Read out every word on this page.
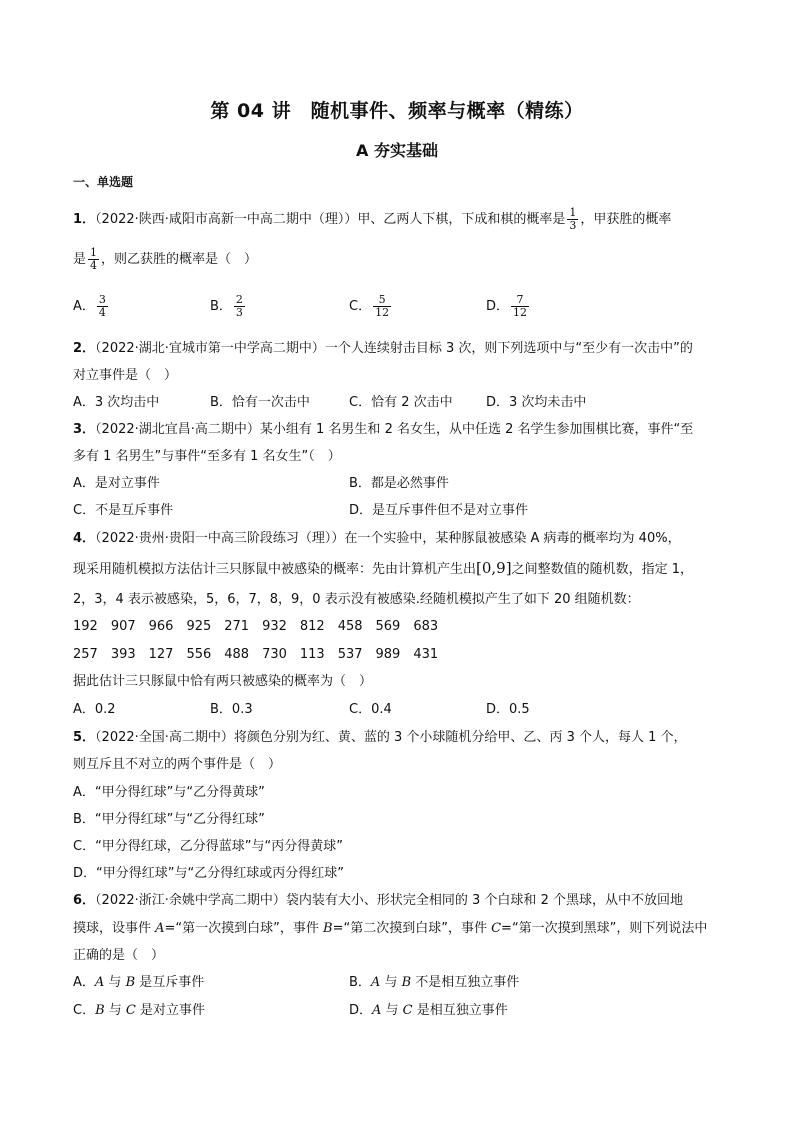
第 04 讲　随机事件、频率与概率（精练）
A 夯实基础
一、单选题
1．（2022·陕西·咸阳市高新一中高二期中（理））甲、乙两人下棋，下成和棋的概率是 $\frac{1}{3}$ ，甲获胜的概率
是 $\frac{1}{4}$ ，则乙获胜的概率是（　）
A． $\frac{3}{4}$	B． $\frac{2}{3}$	C． $\frac{5}{12}$	D． $\frac{7}{12}$
2．（2022·湖北·宜城市第一中学高二期中）一个人连续射击目标 3 次，则下列选项中与“至少有一次击中”的
对立事件是（　）
A．3 次均击中	B．恰有一次击中	C．恰有 2 次击中	D．3 次均未击中
3．（2022·湖北宜昌·高二期中）某小组有 1 名男生和 2 名女生，从中任选 2 名学生参加围棋比赛，事件“至
多有 1 名男生”与事件“至多有 1 名女生”（　）
A．是对立事件	B．都是必然事件
C．不是互斥事件	D．是互斥事件但不是对立事件
4．（2022·贵州·贵阳一中高三阶段练习（理））在一个实验中，某种豚鼠被感染 A 病毒的概率均为 40%，
现采用随机模拟方法估计三只豚鼠中被感染的概率：先由计算机产生出[0,9]之间整数值的随机数，指定 1，
2，3，4 表示被感染，5，6，7，8，9，0 表示没有被感染.经随机模拟产生了如下 20 组随机数：
192　907　966　925　271　932　812　458　569　683
257　393　127　556　488　730　113　537　989　431
据此估计三只豚鼠中恰有两只被感染的概率为（　）
A．0.2	B．0.3	C．0.4	D．0.5
5．（2022·全国·高二期中）将颜色分别为红、黄、蓝的 3 个小球随机分给甲、乙、丙 3 个人，每人 1 个，
则互斥且不对立的两个事件是（　）
A．“甲分得红球”与“乙分得黄球”
B．“甲分得红球”与“乙分得红球”
C．“甲分得红球，乙分得蓝球”与“丙分得黄球”
D．“甲分得红球”与“乙分得红球或丙分得红球”
6．（2022·浙江·余姚中学高二期中）袋内装有大小、形状完全相同的 3 个白球和 2 个黑球，从中不放回地
摸球，设事件 A=“第一次摸到白球”，事件 B=“第二次摸到白球”，事件 C=“第一次摸到黑球”，则下列说法中
正确的是（　）
A．A 与 B 是互斥事件	B．A 与 B 不是相互独立事件
C．B 与 C 是对立事件	D．A 与 C 是相互独立事件
